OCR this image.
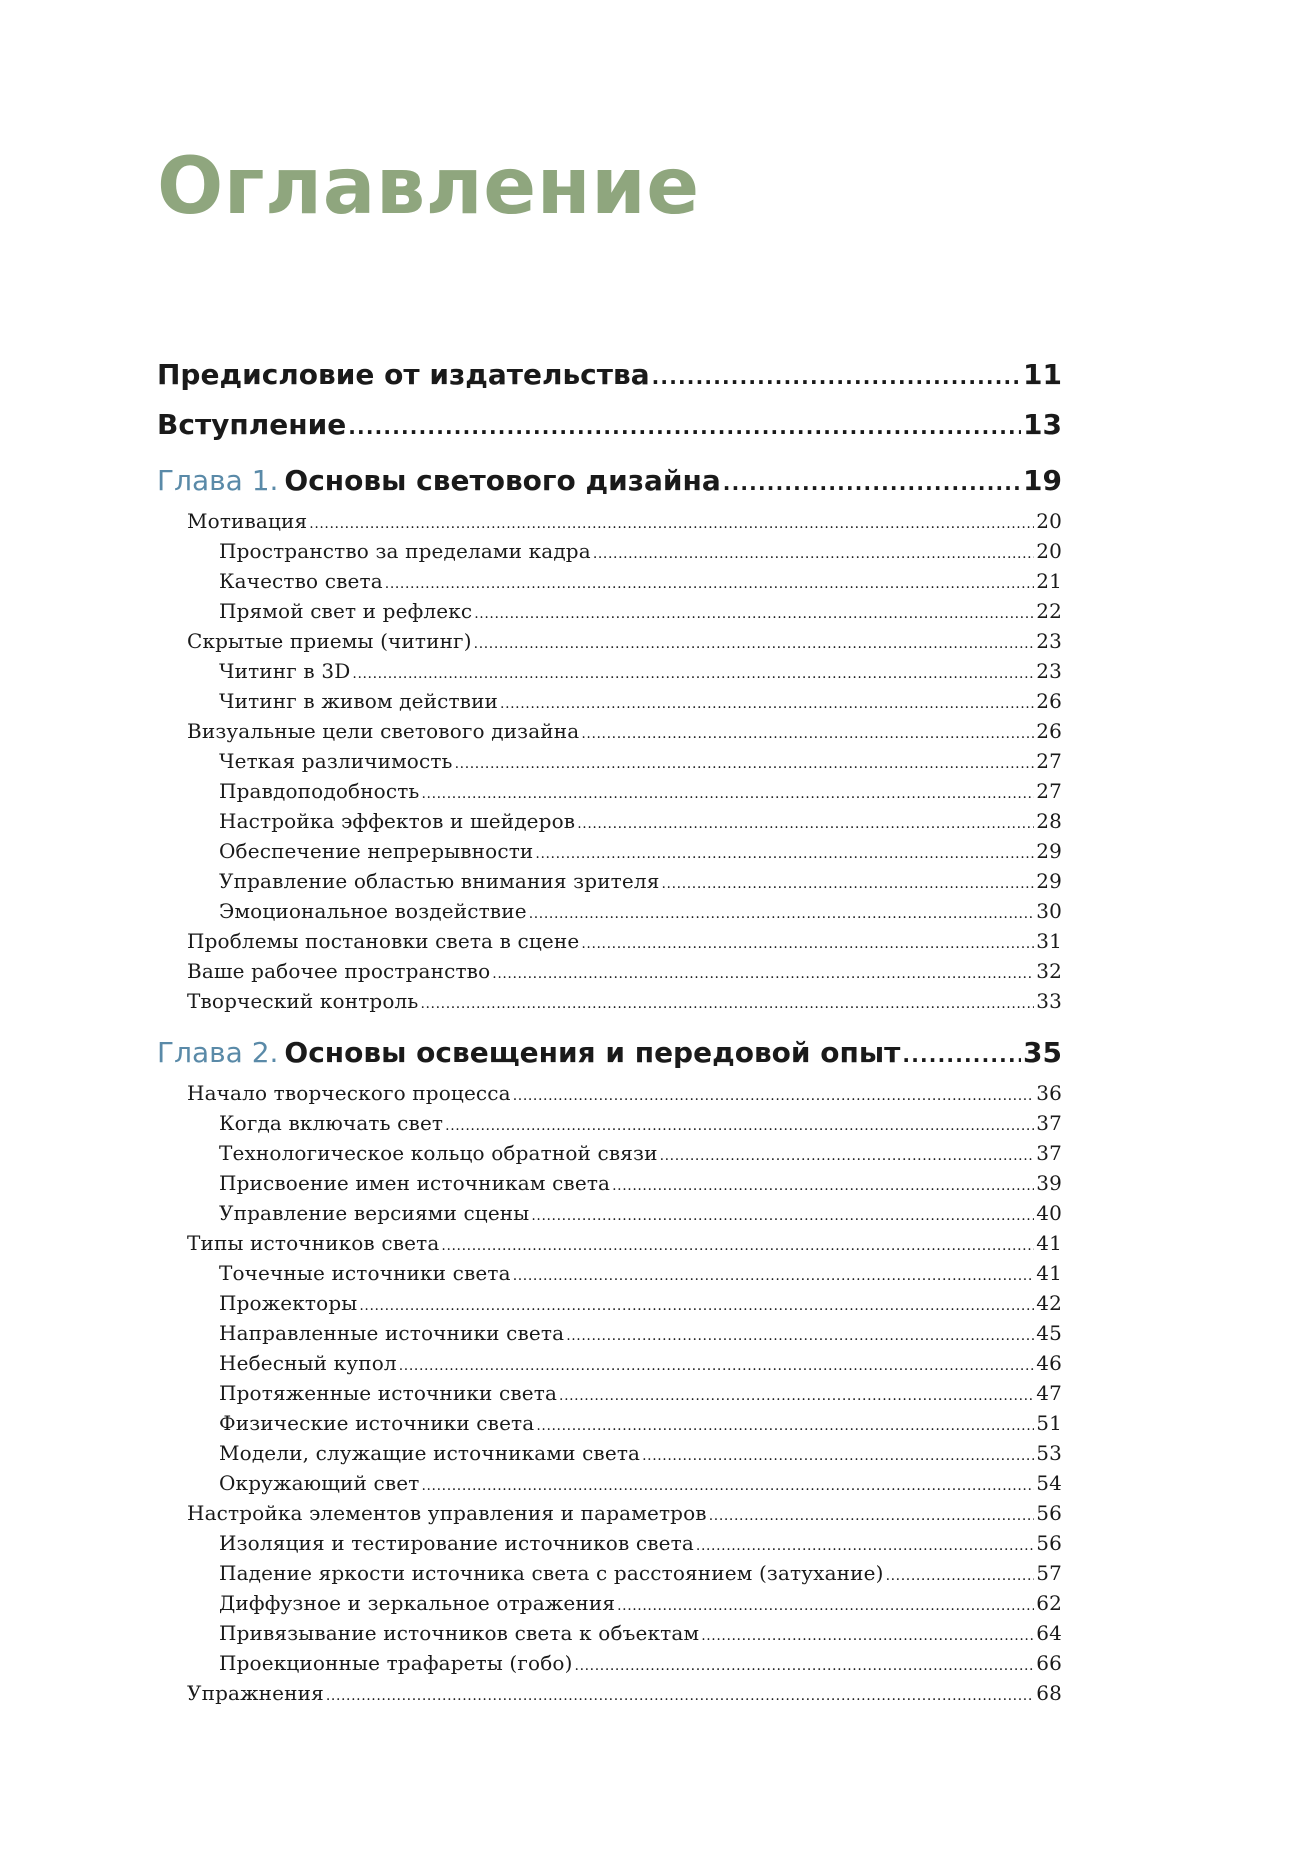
Оглавление
Предисловие от издательства .....	11
Вступление .....	13
Глава 1. Основы светового дизайна .....	19
Мотивация .....	20
Пространство за пределами кадра .....	20
Качество света .....	21
Прямой свет и рефлекс .....	22
Скрытые приемы (читинг) .....	23
Читинг в 3D .....	23
Читинг в живом действии .....	26
Визуальные цели светового дизайна .....	26
Четкая различимость .....	27
Правдоподобность .....	27
Настройка эффектов и шейдеров .....	28
Обеспечение непрерывности .....	29
Управление областью внимания зрителя .....	29
Эмоциональное воздействие .....	30
Проблемы постановки света в сцене .....	31
Ваше рабочее пространство .....	32
Творческий контроль .....	33
Глава 2. Основы освещения и передовой опыт .....	35
Начало творческого процесса .....	36
Когда включать свет .....	37
Технологическое кольцо обратной связи .....	37
Присвоение имен источникам света .....	39
Управление версиями сцены .....	40
Типы источников света .....	41
Точечные источники света .....	41
Прожекторы .....	42
Направленные источники света .....	45
Небесный купол .....	46
Протяженные источники света .....	47
Физические источники света .....	51
Модели, служащие источниками света .....	53
Окружающий свет .....	54
Настройка элементов управления и параметров .....	56
Изоляция и тестирование источников света .....	56
Падение яркости источника света с расстоянием (затухание) .....	57
Диффузное и зеркальное отражения .....	62
Привязывание источников света к объектам .....	64
Проекционные трафареты (гобо) .....	66
Упражнения .....	68
